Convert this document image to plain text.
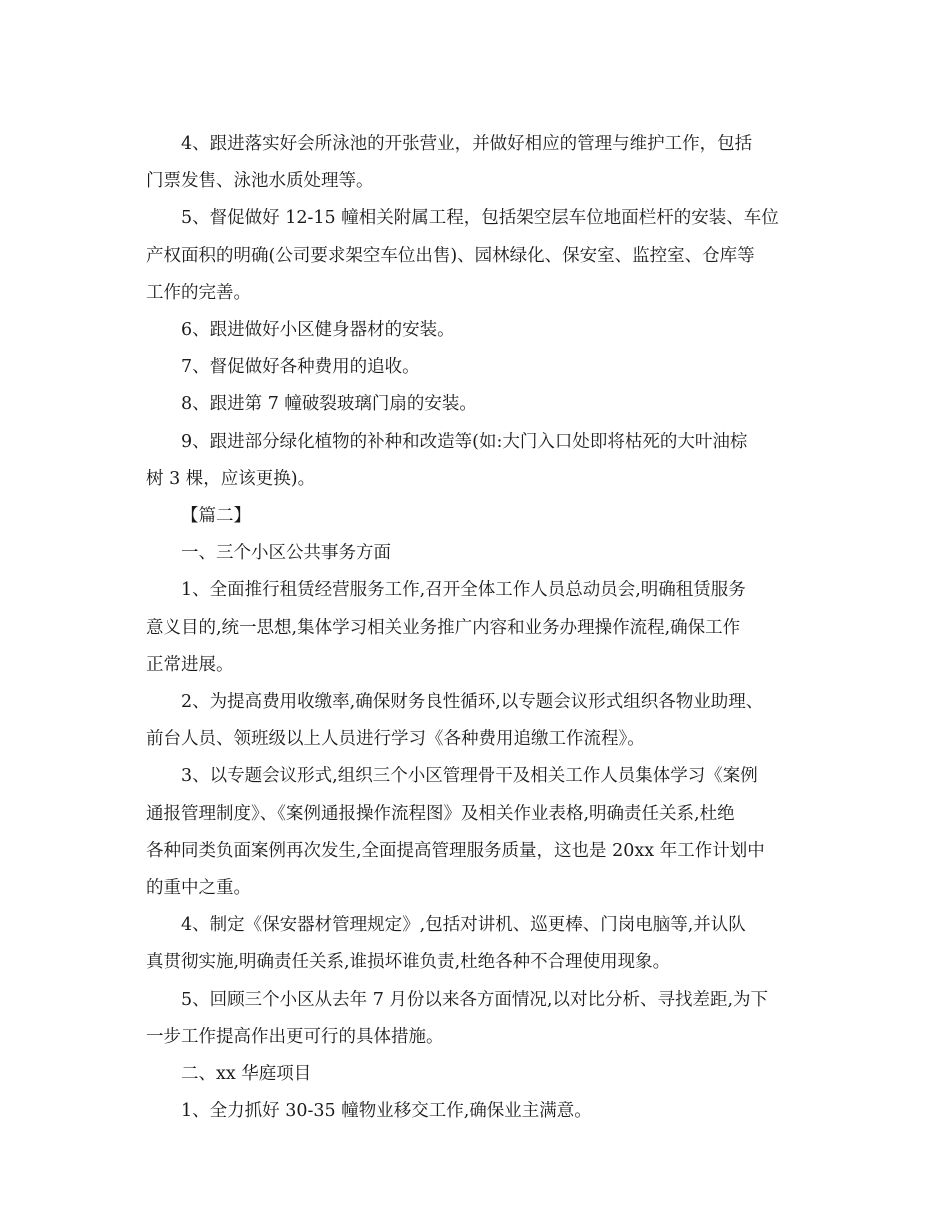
4、跟进落实好会所泳池的开张营业，并做好相应的管理与维护工作，包括
门票发售、泳池水质处理等。
5、督促做好 12-15 幢相关附属工程，包括架空层车位地面栏杆的安装、车位
产权面积的明确(公司要求架空车位出售)、园林绿化、保安室、监控室、仓库等
工作的完善。
6、跟进做好小区健身器材的安装。
7、督促做好各种费用的追收。
8、跟进第 7 幢破裂玻璃门扇的安装。
9、跟进部分绿化植物的补种和改造等(如:大门入口处即将枯死的大叶油棕
树 3 棵，应该更换)。
【篇二】
一、三个小区公共事务方面
1、全面推行租赁经营服务工作,召开全体工作人员总动员会,明确租赁服务
意义目的,统一思想,集体学习相关业务推广内容和业务办理操作流程,确保工作
正常进展。
2、为提高费用收缴率,确保财务良性循环,以专题会议形式组织各物业助理、
前台人员、领班级以上人员进行学习《各种费用追缴工作流程》。
3、以专题会议形式,组织三个小区管理骨干及相关工作人员集体学习《案例
通报管理制度》、《案例通报操作流程图》及相关作业表格,明确责任关系,杜绝
各种同类负面案例再次发生,全面提高管理服务质量，这也是 20xx 年工作计划中
的重中之重。
4、制定《保安器材管理规定》,包括对讲机、巡更棒、门岗电脑等,并认队
真贯彻实施,明确责任关系,谁损坏谁负责,杜绝各种不合理使用现象。
5、回顾三个小区从去年 7 月份以来各方面情况,以对比分析、寻找差距,为下
一步工作提高作出更可行的具体措施。
二、xx 华庭项目
1、全力抓好 30-35 幢物业移交工作,确保业主满意。
